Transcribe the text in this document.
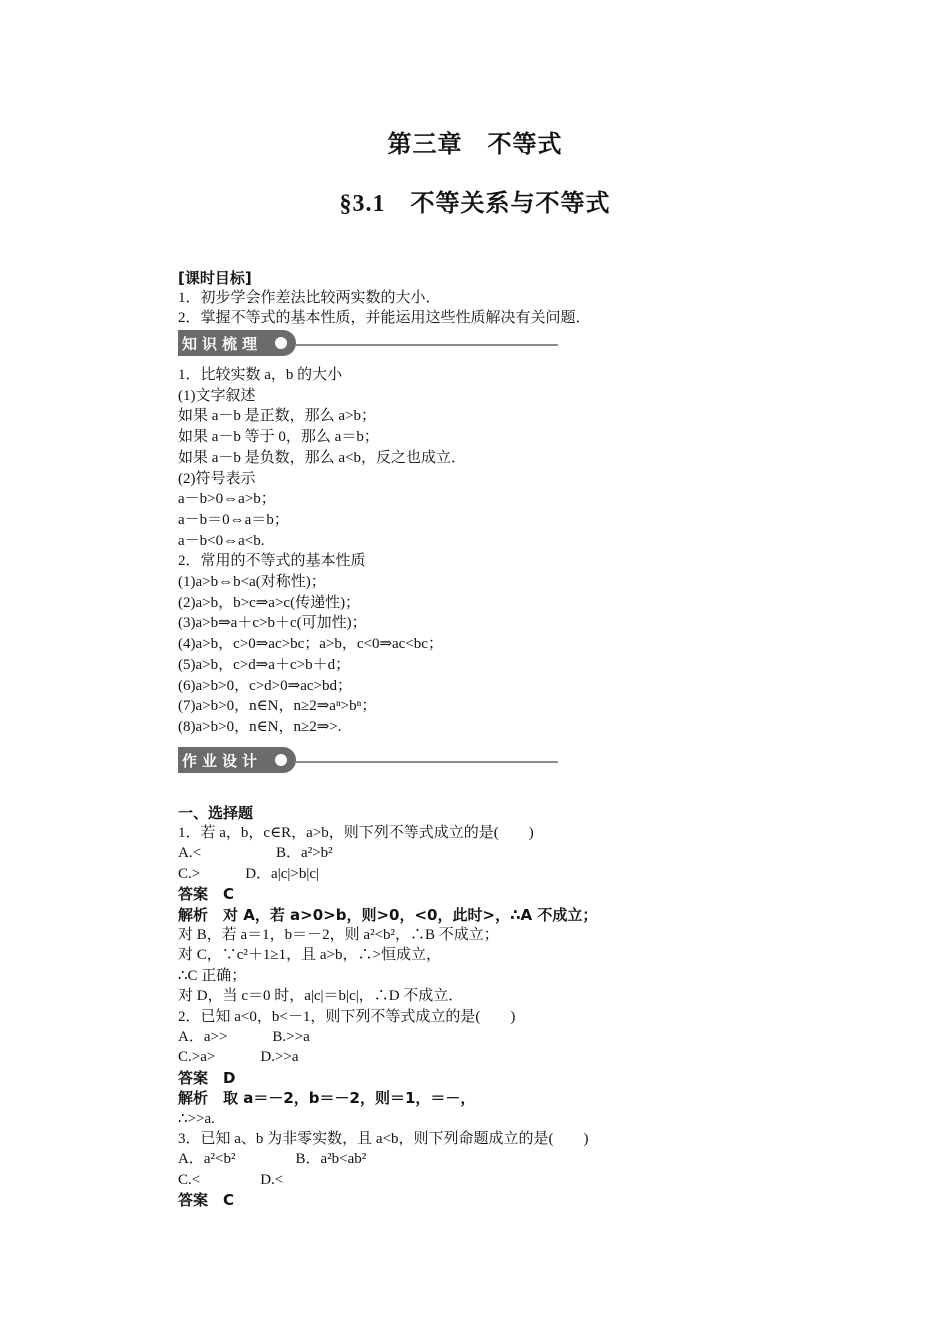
第三章　不等式
§3.1　不等关系与不等式
[课时目标]
1．初步学会作差法比较两实数的大小．
2．掌握不等式的基本性质，并能运用这些性质解决有关问题．
知识梳理
1．比较实数 a，b 的大小
(1)文字叙述
如果 a－b 是正数，那么 a>b；
如果 a－b 等于 0，那么 a＝b；
如果 a－b 是负数，那么 a<b，反之也成立．
(2)符号表示
a－b>0⇔a>b；
a－b＝0⇔a＝b；
a－b<0⇔a<b.
2．常用的不等式的基本性质
(1)a>b⇔b<a(对称性)；
(2)a>b，b>c⇒a>c(传递性)；
(3)a>b⇒a＋c>b＋c(可加性)；
(4)a>b，c>0⇒ac>bc；a>b，c<0⇒ac<bc；
(5)a>b，c>d⇒a＋c>b＋d；
(6)a>b>0，c>d>0⇒ac>bd；
(7)a>b>0，n∈N，n≥2⇒aⁿ>bⁿ；
(8)a>b>0，n∈N，n≥2⇒>.
作业设计
一、选择题
1．若 a，b，c∈R，a>b，则下列不等式成立的是(　　)
A.<　　　　　B．a²>b²
C.>　　　D．a|c|>b|c|
答案　C
解析　对 A，若 a>0>b，则>0，<0，此时>，∴A 不成立；
对 B，若 a＝1，b＝－2，则 a²<b²，∴B 不成立；
对 C，∵c²＋1≥1，且 a>b，∴>恒成立，
∴C 正确；
对 D，当 c＝0 时，a|c|＝b|c|，∴D 不成立．
2．已知 a<0，b<－1，则下列不等式成立的是(　　)
A．a>>　　　B.>>a
C.>a>　　　D.>>a
答案　D
解析　取 a＝－2，b＝－2，则＝1，＝－，
∴>>a.
3．已知 a、b 为非零实数，且 a<b，则下列命题成立的是(　　)
A．a²<b²　　　　B．a²b<ab²
C.<　　　　D.<
答案　C
